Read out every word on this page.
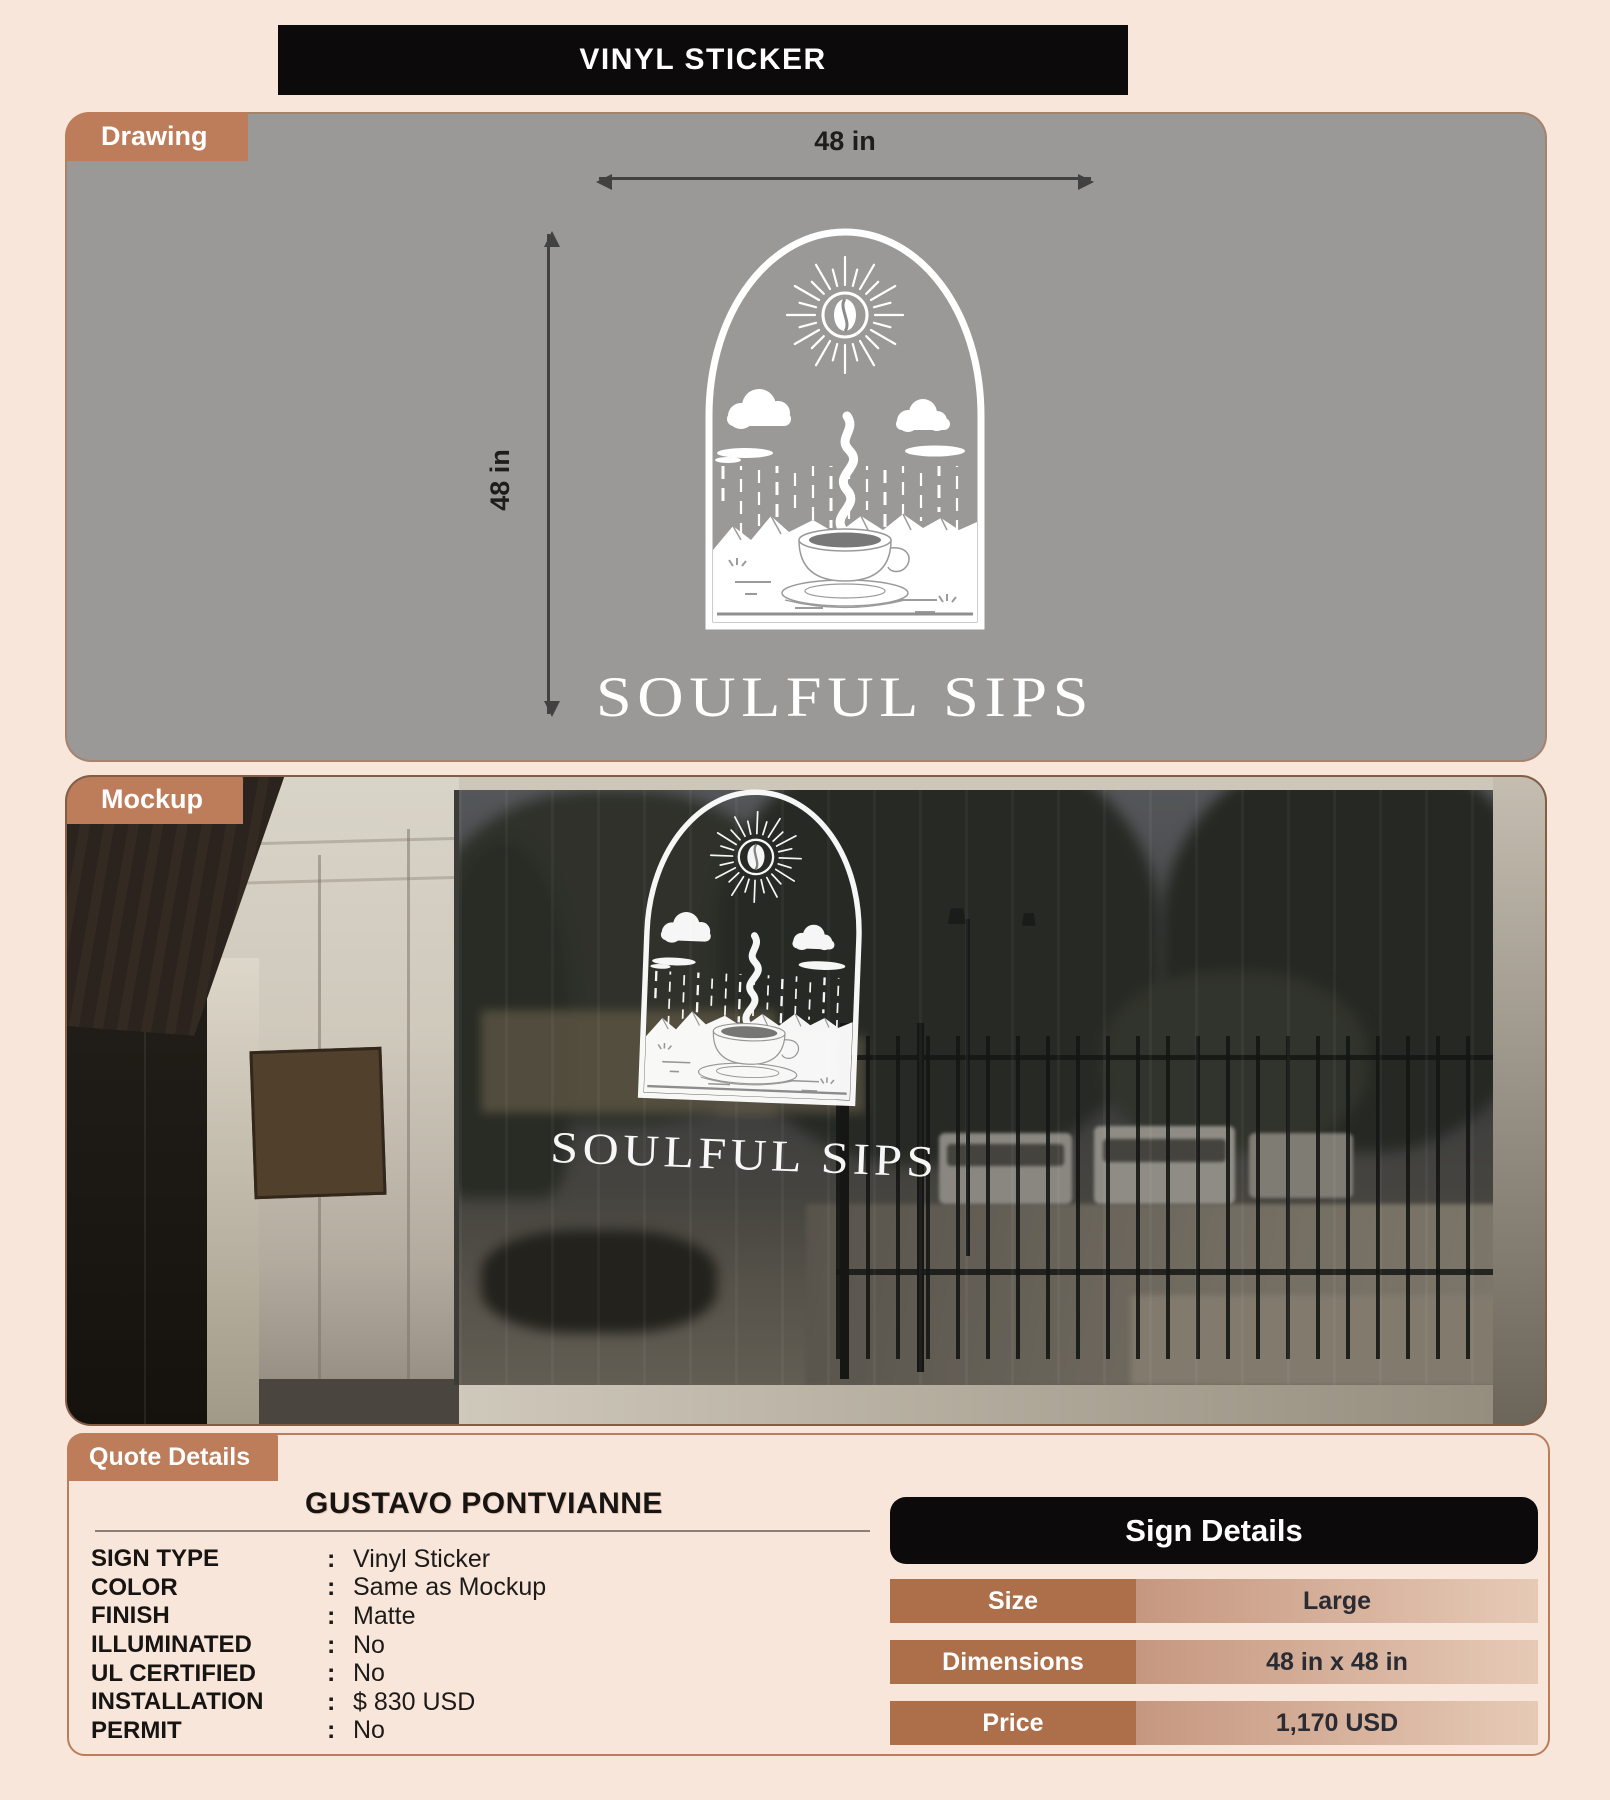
VINYL STICKER
Drawing	48 in
48 in
Mockup
Quote Details
GUSTAVO PONTVIANNE
SIGN TYPE	: Vinyl Sticker
COLOR	: Same as Mockup
FINISH	: Matte
ILLUMINATED	: No
UL CERTIFIED	: No
INSTALLATION	: $ 830 USD
PERMIT	: No
Sign Details
Size	Large
Dimensions	48 in x 48 in
Price	1,170 USD
